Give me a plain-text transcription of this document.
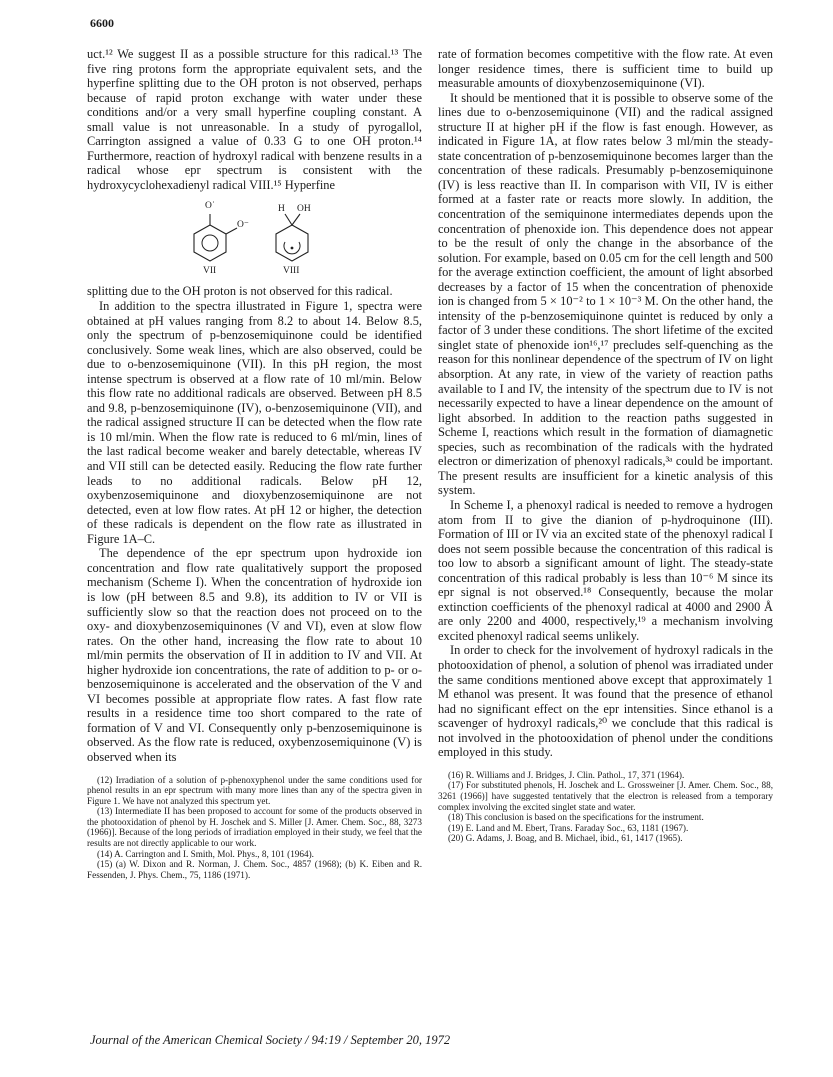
6600

uct.¹² We suggest II as a possible structure for this radical.¹³ The five ring protons form the appropriate equivalent sets, and the hyperfine splitting due to the OH proton is not observed, perhaps because of rapid proton exchange with water under these conditions and/or a very small hyperfine coupling constant. A small value is not unreasonable. In a study of pyrogallol, Carrington assigned a value of 0.33 G to one OH proton.¹⁴ Furthermore, reaction of hydroxyl radical with benzene results in a radical whose epr spectrum is consistent with the hydroxycyclohexadienyl radical VIII.¹⁵ Hyperfine

O˙
O⁻
H OH
VII	VIII

splitting due to the OH proton is not observed for this radical.

In addition to the spectra illustrated in Figure 1, spectra were obtained at pH values ranging from 8.2 to about 14. Below 8.5, only the spectrum of p-benzosemiquinone could be identified conclusively. Some weak lines, which are also observed, could be due to o-benzosemiquinone (VII). In this pH region, the most intense spectrum is observed at a flow rate of 10 ml/min. Below this flow rate no additional radicals are observed. Between pH 8.5 and 9.8, p-benzosemiquinone (IV), o-benzosemiquinone (VII), and the radical assigned structure II can be detected when the flow rate is 10 ml/min. When the flow rate is reduced to 6 ml/min, lines of the last radical become weaker and barely detectable, whereas IV and VII still can be detected easily. Reducing the flow rate further leads to no additional radicals. Below pH 12, oxybenzosemiquinone and dioxybenzosemiquinone are not detected, even at low flow rates. At pH 12 or higher, the detection of these radicals is dependent on the flow rate as illustrated in Figure 1A–C.

The dependence of the epr spectrum upon hydroxide ion concentration and flow rate qualitatively support the proposed mechanism (Scheme I). When the concentration of hydroxide ion is low (pH between 8.5 and 9.8), its addition to IV or VII is sufficiently slow so that the reaction does not proceed on to the oxy- and dioxybenzosemiquinones (V and VI), even at slow flow rates. On the other hand, increasing the flow rate to about 10 ml/min permits the observation of II in addition to IV and VII. At higher hydroxide ion concentrations, the rate of addition to p- or o-benzosemiquinone is accelerated and the observation of the V and VI becomes possible at appropriate flow rates. A fast flow rate results in a residence time too short compared to the rate of formation of V and VI. Consequently only p-benzosemiquinone is observed. As the flow rate is reduced, oxybenzosemiquinone (V) is observed when its

(12) Irradiation of a solution of p-phenoxyphenol under the same conditions used for phenol results in an epr spectrum with many more lines than any of the spectra given in Figure 1. We have not analyzed this spectrum yet.

(13) Intermediate II has been proposed to account for some of the products observed in the photooxidation of phenol by H. Joschek and S. Miller [J. Amer. Chem. Soc., 88, 3273 (1966)]. Because of the long periods of irradiation employed in their study, we feel that the results are not directly applicable to our work.

(14) A. Carrington and I. Smith, Mol. Phys., 8, 101 (1964).

(15) (a) W. Dixon and R. Norman, J. Chem. Soc., 4857 (1968); (b) K. Eiben and R. Fessenden, J. Phys. Chem., 75, 1186 (1971).

rate of formation becomes competitive with the flow rate. At even longer residence times, there is sufficient time to build up measurable amounts of dioxybenzosemiquinone (VI).

It should be mentioned that it is possible to observe some of the lines due to o-benzosemiquinone (VII) and the radical assigned structure II at higher pH if the flow is fast enough. However, as indicated in Figure 1A, at flow rates below 3 ml/min the steady-state concentration of p-benzosemiquinone becomes larger than the concentration of these radicals. Presumably p-benzosemiquinone (IV) is less reactive than II. In comparison with VII, IV is either formed at a faster rate or reacts more slowly. In addition, the concentration of the semiquinone intermediates depends upon the concentration of phenoxide ion. This dependence does not appear to be the result of only the change in the absorbance of the solution. For example, based on 0.05 cm for the cell length and 500 for the average extinction coefficient, the amount of light absorbed decreases by a factor of 15 when the concentration of phenoxide ion is changed from 5 × 10⁻² to 1 × 10⁻³ M. On the other hand, the intensity of the p-benzosemiquinone quintet is reduced by only a factor of 3 under these conditions. The short lifetime of the excited singlet state of phenoxide ion¹⁶,¹⁷ precludes self-quenching as the reason for this nonlinear dependence of the spectrum of IV on light absorption. At any rate, in view of the variety of reaction paths available to I and IV, the intensity of the spectrum due to IV is not necessarily expected to have a linear dependence on the amount of light absorbed. In addition to the reaction paths suggested in Scheme I, reactions which result in the formation of diamagnetic species, such as recombination of the radicals with the hydrated electron or dimerization of phenoxyl radicals,³ᵃ could be important. The present results are insufficient for a kinetic analysis of this system.

In Scheme I, a phenoxyl radical is needed to remove a hydrogen atom from II to give the dianion of p-hydroquinone (III). Formation of III or IV via an excited state of the phenoxyl radical I does not seem possible because the concentration of this radical is too low to absorb a significant amount of light. The steady-state concentration of this radical probably is less than 10⁻⁶ M since its epr signal is not observed.¹⁸ Consequently, because the molar extinction coefficients of the phenoxyl radical at 4000 and 2900 Å are only 2200 and 4000, respectively,¹⁹ a mechanism involving excited phenoxyl radical seems unlikely.

In order to check for the involvement of hydroxyl radicals in the photooxidation of phenol, a solution of phenol was irradiated under the same conditions mentioned above except that approximately 1 M ethanol was present. It was found that the presence of ethanol had no significant effect on the epr intensities. Since ethanol is a scavenger of hydroxyl radicals,²⁰ we conclude that this radical is not involved in the photooxidation of phenol under the conditions employed in this study.

(16) R. Williams and J. Bridges, J. Clin. Pathol., 17, 371 (1964).

(17) For substituted phenols, H. Joschek and L. Grossweiner [J. Amer. Chem. Soc., 88, 3261 (1966)] have suggested tentatively that the electron is released from a temporary complex involving the excited singlet state and water.

(18) This conclusion is based on the specifications for the instrument.

(19) E. Land and M. Ebert, Trans. Faraday Soc., 63, 1181 (1967).

(20) G. Adams, J. Boag, and B. Michael, ibid., 61, 1417 (1965).

Journal of the American Chemical Society / 94:19 / September 20, 1972
